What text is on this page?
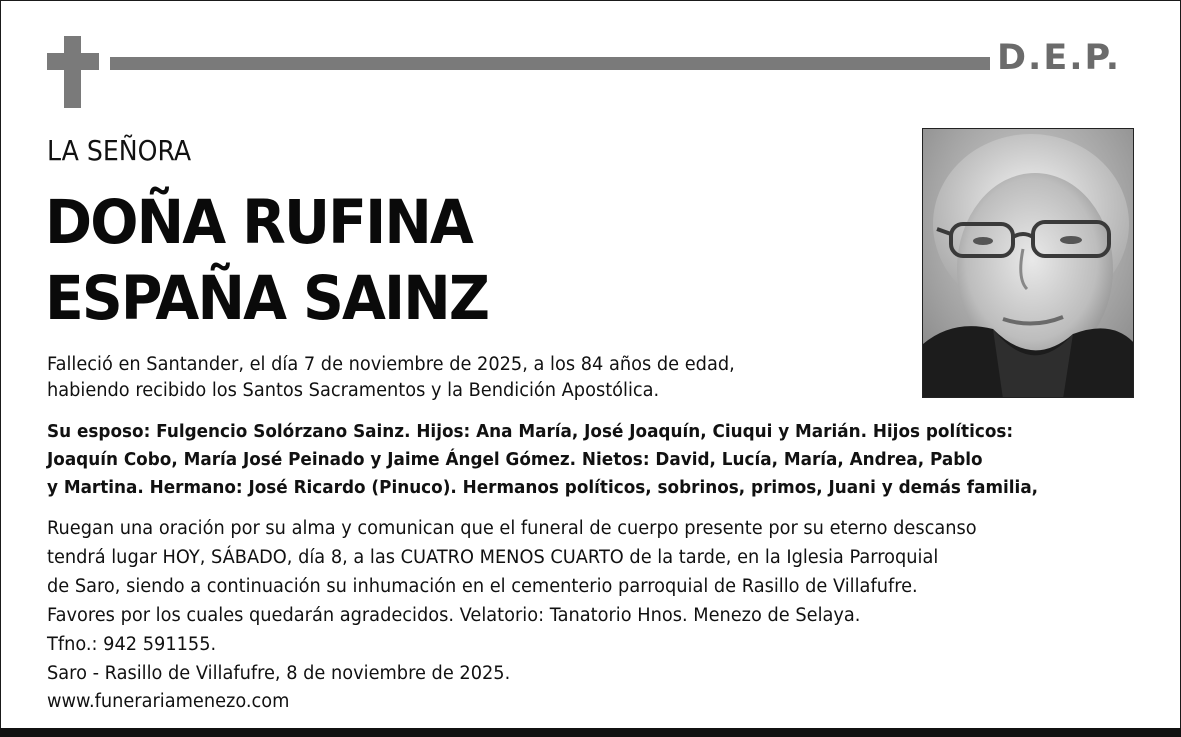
D.E.P.
LA SEÑORA
DOÑA RUFINA
ESPAÑA SAINZ
Falleció en Santander, el día 7 de noviembre de 2025, a los 84 años de edad,
habiendo recibido los Santos Sacramentos y la Bendición Apostólica.
Su esposo: Fulgencio Solórzano Sainz. Hijos: Ana María, José Joaquín, Ciuqui y Marián. Hijos políticos:
Joaquín Cobo, María José Peinado y Jaime Ángel Gómez. Nietos: David, Lucía, María, Andrea, Pablo
y Martina. Hermano: José Ricardo (Pinuco). Hermanos políticos, sobrinos, primos, Juani y demás familia,
Ruegan una oración por su alma y comunican que el funeral de cuerpo presente por su eterno descanso
tendrá lugar HOY, SÁBADO, día 8, a las CUATRO MENOS CUARTO de la tarde, en la Iglesia Parroquial
de Saro, siendo a continuación su inhumación en el cementerio parroquial de Rasillo de Villafufre.
Favores por los cuales quedarán agradecidos. Velatorio: Tanatorio Hnos. Menezo de Selaya.
Tfno.: 942 591155.
Saro - Rasillo de Villafufre, 8 de noviembre de 2025.
www.funerariamenezo.com
